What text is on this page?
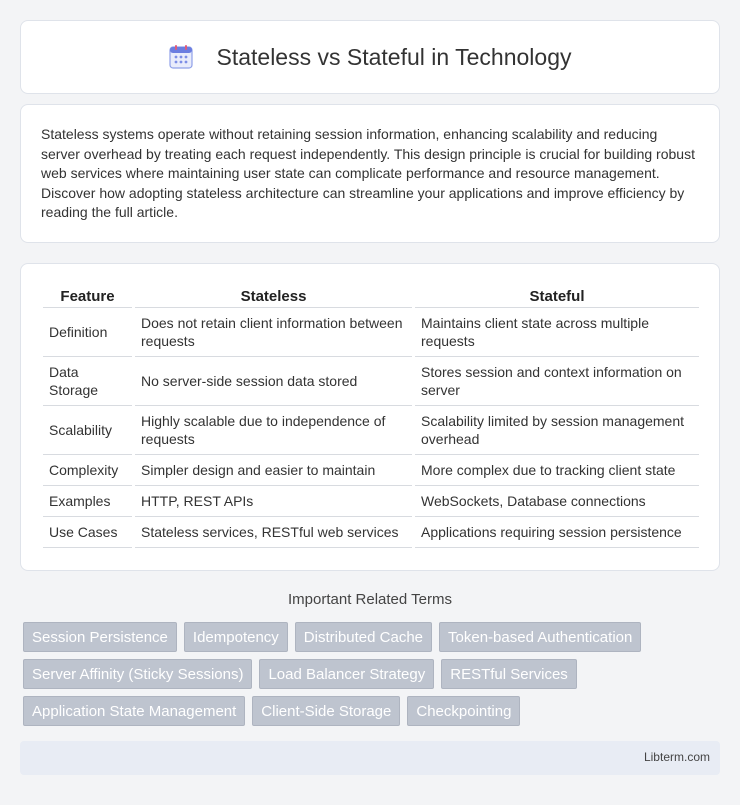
Stateless vs Stateful in Technology

Stateless systems operate without retaining session information, enhancing scalability and reducing server overhead by treating each request independently. This design principle is crucial for building robust web services where maintaining user state can complicate performance and resource management. Discover how adopting stateless architecture can streamline your applications and improve efficiency by reading the full article.

Feature	Stateless	Stateful
Definition	Does not retain client information between requests	Maintains client state across multiple requests
Data Storage	No server-side session data stored	Stores session and context information on server
Scalability	Highly scalable due to independence of requests	Scalability limited by session management overhead
Complexity	Simpler design and easier to maintain	More complex due to tracking client state
Examples	HTTP, REST APIs	WebSockets, Database connections
Use Cases	Stateless services, RESTful web services	Applications requiring session persistence
Important Related Terms
Session Persistence	Idempotency	Distributed Cache	Token-based Authentication
Server Affinity (Sticky Sessions)	Load Balancer Strategy	RESTful Services
Application State Management	Client-Side Storage	Checkpointing
Libterm.com
